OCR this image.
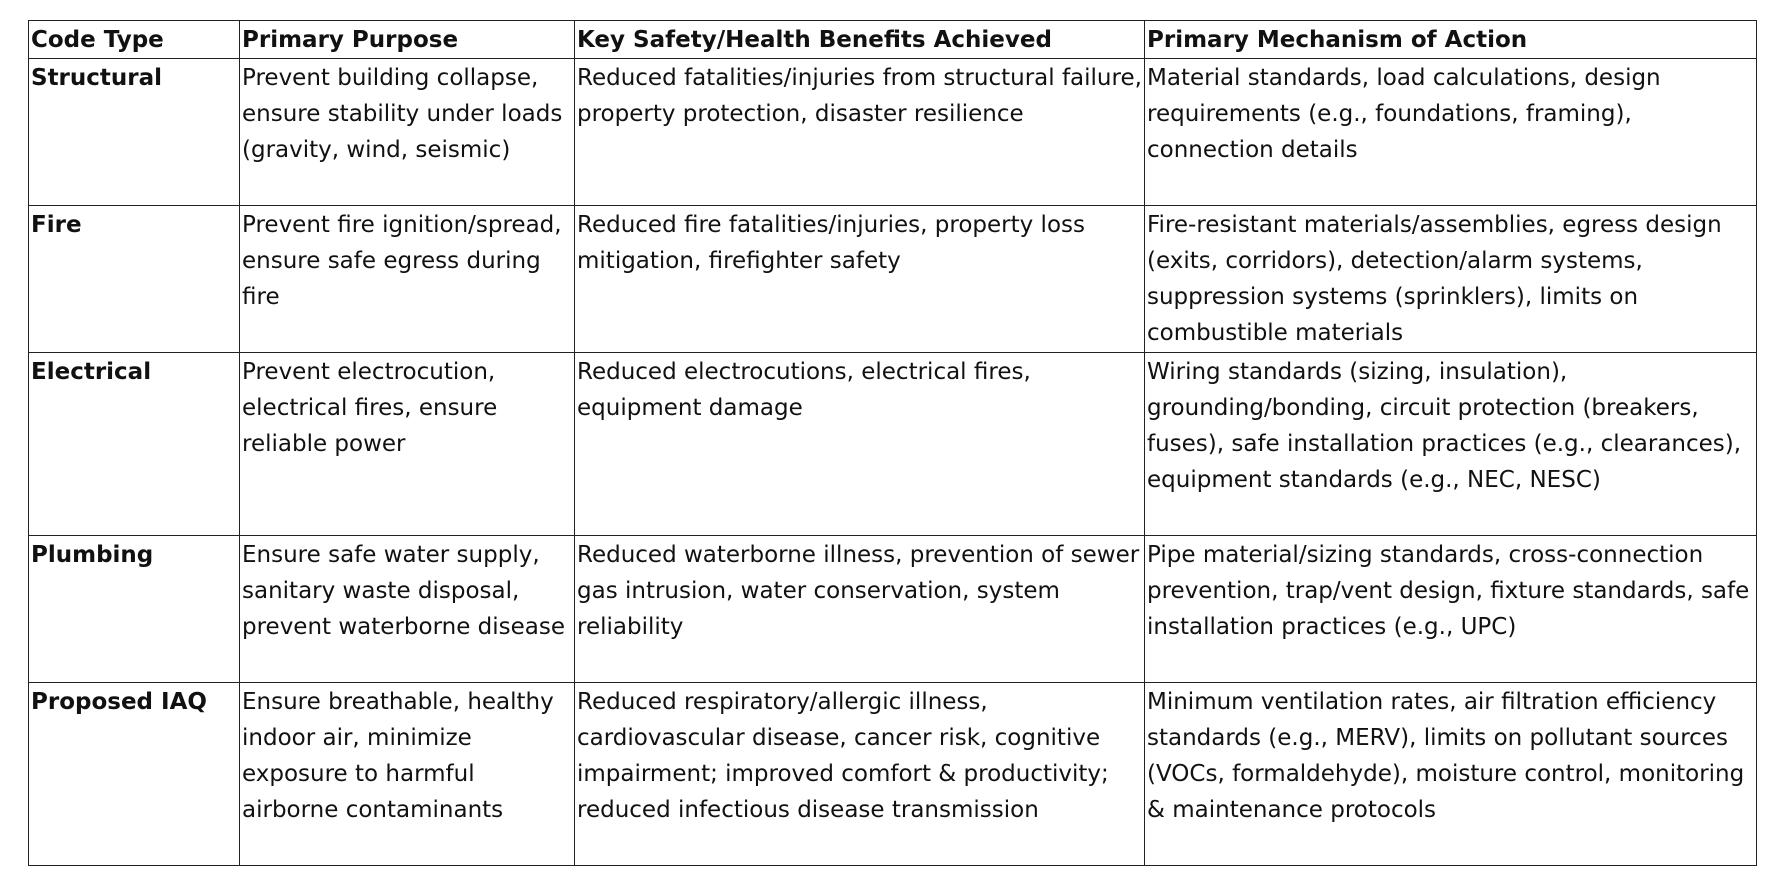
Code Type	Primary Purpose	Key Safety/Health Benefits Achieved	Primary Mechanism of Action
Structural	Prevent building collapse, ensure stability under loads (gravity, wind, seismic)	Reduced fatalities/injuries from structural failure, property protection, disaster resilience	Material standards, load calculations, design requirements (e.g., foundations, framing), connection details
Fire	Prevent fire ignition/spread, ensure safe egress during fire	Reduced fire fatalities/injuries, property loss mitigation, firefighter safety	Fire-resistant materials/assemblies, egress design (exits, corridors), detection/alarm systems, suppression systems (sprinklers), limits on combustible materials
Electrical	Prevent electrocution, electrical fires, ensure reliable power	Reduced electrocutions, electrical fires, equipment damage	Wiring standards (sizing, insulation), grounding/bonding, circuit protection (breakers, fuses), safe installation practices (e.g., clearances), equipment standards (e.g., NEC, NESC)
Plumbing	Ensure safe water supply, sanitary waste disposal, prevent waterborne disease	Reduced waterborne illness, prevention of sewer gas intrusion, water conservation, system reliability	Pipe material/sizing standards, cross-connection prevention, trap/vent design, fixture standards, safe installation practices (e.g., UPC)
Proposed IAQ	Ensure breathable, healthy indoor air, minimize exposure to harmful airborne contaminants	Reduced respiratory/allergic illness, cardiovascular disease, cancer risk, cognitive impairment; improved comfort & productivity; reduced infectious disease transmission	Minimum ventilation rates, air filtration efficiency standards (e.g., MERV), limits on pollutant sources (VOCs, formaldehyde), moisture control, monitoring & maintenance protocols
